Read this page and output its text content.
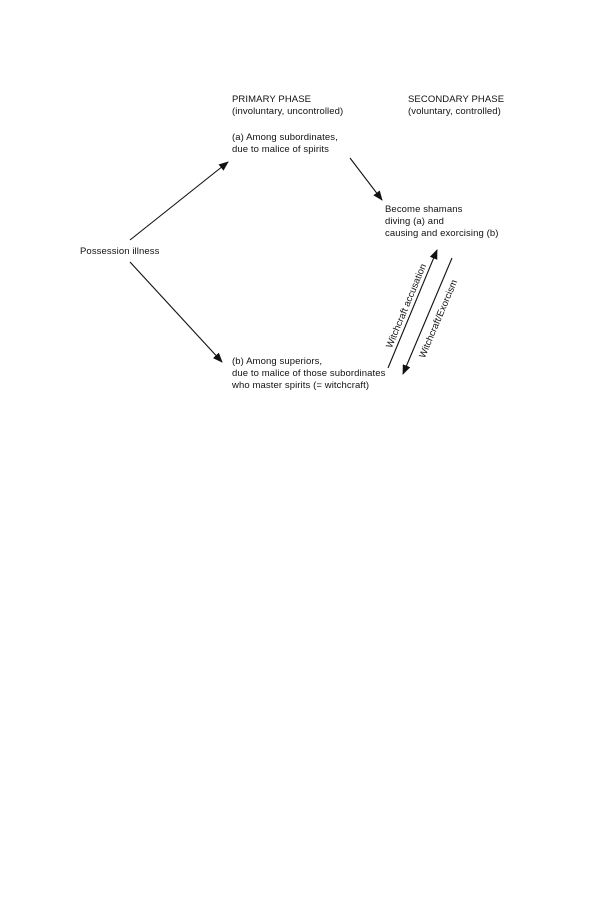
PRIMARY PHASE
(involuntary, uncontrolled)
SECONDARY PHASE
(voluntary, controlled)
Possession illness
(a) Among subordinates,
due to malice of spirits
Become shamans
diving (a) and
causing and exorcising (b)
(b) Among superiors,
due to malice of those subordinates
who master spirits (= witchcraft)
Witchcraft accusation
Witchcraft/Exorcism
